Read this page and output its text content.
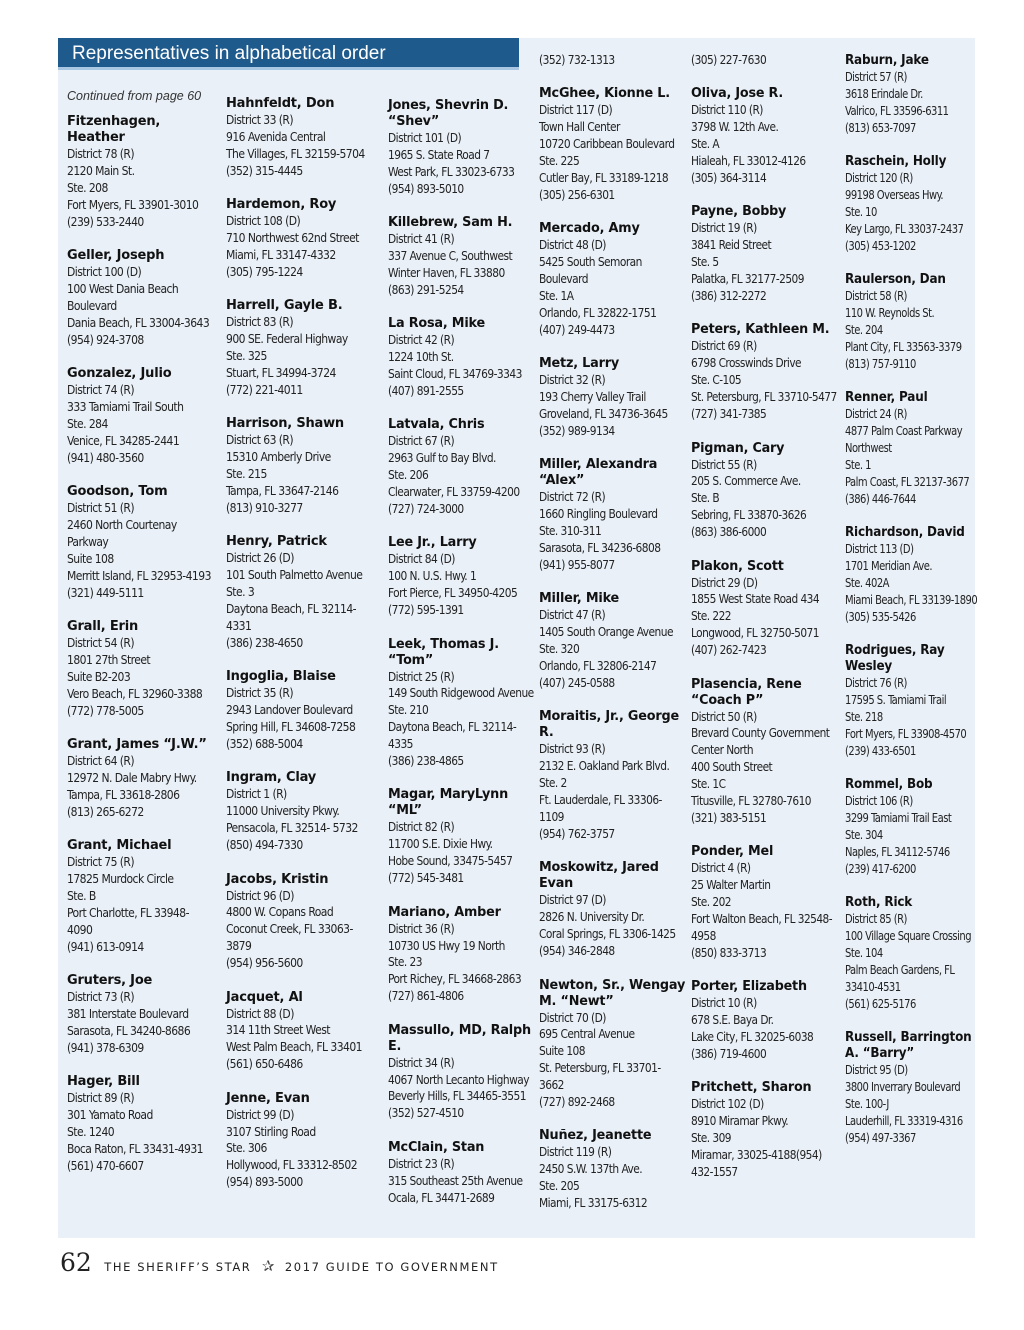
Representatives in alphabetical order
Continued from page 60
Fitzenhagen,
Heather
District 78 (R)
2120 Main St.
Ste. 208
Fort Myers, FL 33901-3010
(239) 533-2440
Geller, Joseph
District 100 (D)
100 West Dania Beach
Boulevard
Dania Beach, FL 33004-3643
(954) 924-3708
Gonzalez, Julio
District 74 (R)
333 Tamiami Trail South
Ste. 284
Venice, FL 34285-2441
(941) 480-3560
Goodson, Tom
District 51 (R)
2460 North Courtenay
Parkway
Suite 108
Merritt Island, FL 32953-4193
(321) 449-5111
Grall, Erin
District 54 (R)
1801 27th Street
Suite B2-203
Vero Beach, FL 32960-3388
(772) 778-5005
Grant, James “J.W.”
District 64 (R)
12972 N. Dale Mabry Hwy.
Tampa, FL 33618-2806
(813) 265-6272
Grant, Michael
District 75 (R)
17825 Murdock Circle
Ste. B
Port Charlotte, FL 33948-
4090
(941) 613-0914
Gruters, Joe
District 73 (R)
381 Interstate Boulevard
Sarasota, FL 34240-8686
(941) 378-6309
Hager, Bill
District 89 (R)
301 Yamato Road
Ste. 1240
Boca Raton, FL 33431-4931
(561) 470-6607
Hahnfeldt, Don
District 33 (R)
916 Avenida Central
The Villages, FL 32159-5704
(352) 315-4445
Hardemon, Roy
District 108 (D)
710 Northwest 62nd Street
Miami, FL 33147-4332
(305) 795-1224
Harrell, Gayle B.
District 83 (R)
900 SE. Federal Highway
Ste. 325
Stuart, FL 34994-3724
(772) 221-4011
Harrison, Shawn
District 63 (R)
15310 Amberly Drive
Ste. 215
Tampa, FL 33647-2146
(813) 910-3277
Henry, Patrick
District 26 (D)
101 South Palmetto Avenue
Ste. 3
Daytona Beach, FL 32114-
4331
(386) 238-4650
Ingoglia, Blaise
District 35 (R)
2943 Landover Boulevard
Spring Hill, FL 34608-7258
(352) 688-5004
Ingram, Clay
District 1 (R)
11000 University Pkwy.
Pensacola, FL 32514- 5732
(850) 494-7330
Jacobs, Kristin
District 96 (D)
4800 W. Copans Road
Coconut Creek, FL 33063-
3879
(954) 956-5600
Jacquet, Al
District 88 (D)
314 11th Street West
West Palm Beach, FL 33401
(561) 650-6486
Jenne, Evan
District 99 (D)
3107 Stirling Road
Ste. 306
Hollywood, FL 33312-8502
(954) 893-5000
Jones, Shevrin D.
“Shev”
District 101 (D)
1965 S. State Road 7
West Park, FL 33023-6733
(954) 893-5010
Killebrew, Sam H.
District 41 (R)
337 Avenue C, Southwest
Winter Haven, FL 33880
(863) 291-5254
La Rosa, Mike
District 42 (R)
1224 10th St.
Saint Cloud, FL 34769-3343
(407) 891-2555
Latvala, Chris
District 67 (R)
2963 Gulf to Bay Blvd.
Ste. 206
Clearwater, FL 33759-4200
(727) 724-3000
Lee Jr., Larry
District 84 (D)
100 N. U.S. Hwy. 1
Fort Pierce, FL 34950-4205
(772) 595-1391
Leek, Thomas J.
“Tom”
District 25 (R)
149 South Ridgewood Avenue
Ste. 210
Daytona Beach, FL 32114-
4335
(386) 238-4865
Magar, MaryLynn
“ML”
District 82 (R)
11700 S.E. Dixie Hwy.
Hobe Sound, 33475-5457
(772) 545-3481
Mariano, Amber
District 36 (R)
10730 US Hwy 19 North
Ste. 23
Port Richey, FL 34668-2863
(727) 861-4806
Massullo, MD, Ralph
E.
District 34 (R)
4067 North Lecanto Highway
Beverly Hills, FL 34465-3551
(352) 527-4510
McClain, Stan
District 23 (R)
315 Southeast 25th Avenue
Ocala, FL 34471-2689
(352) 732-1313
McGhee, Kionne L.
District 117 (D)
Town Hall Center
10720 Caribbean Boulevard
Ste. 225
Cutler Bay, FL 33189-1218
(305) 256-6301
Mercado, Amy
District 48 (D)
5425 South Semoran
Boulevard
Ste. 1A
Orlando, FL 32822-1751
(407) 249-4473
Metz, Larry
District 32 (R)
193 Cherry Valley Trail
Groveland, FL 34736-3645
(352) 989-9134
Miller, Alexandra
“Alex”
District 72 (R)
1660 Ringling Boulevard
Ste. 310-311
Sarasota, FL 34236-6808
(941) 955-8077
Miller, Mike
District 47 (R)
1405 South Orange Avenue
Ste. 320
Orlando, FL 32806-2147
(407) 245-0588
Moraitis, Jr., George
R.
District 93 (R)
2132 E. Oakland Park Blvd.
Ste. 2
Ft. Lauderdale, FL 33306-
1109
(954) 762-3757
Moskowitz, Jared
Evan
District 97 (D)
2826 N. University Dr.
Coral Springs, FL 3306-1425
(954) 346-2848
Newton, Sr., Wengay
M. “Newt”
District 70 (D)
695 Central Avenue
Suite 108
St. Petersburg, FL 33701-
3662
(727) 892-2468
Nuñez, Jeanette
District 119 (R)
2450 S.W. 137th Ave.
Ste. 205
Miami, FL 33175-6312
(305) 227-7630
Oliva, Jose R.
District 110 (R)
3798 W. 12th Ave.
Ste. A
Hialeah, FL 33012-4126
(305) 364-3114
Payne, Bobby
District 19 (R)
3841 Reid Street
Ste. 5
Palatka, FL 32177-2509
(386) 312-2272
Peters, Kathleen M.
District 69 (R)
6798 Crosswinds Drive
Ste. C-105
St. Petersburg, FL 33710-5477
(727) 341-7385
Pigman, Cary
District 55 (R)
205 S. Commerce Ave.
Ste. B
Sebring, FL 33870-3626
(863) 386-6000
Plakon, Scott
District 29 (D)
1855 West State Road 434
Ste. 222
Longwood, FL 32750-5071
(407) 262-7423
Plasencia, Rene
“Coach P”
District 50 (R)
Brevard County Government
Center North
400 South Street
Ste. 1C
Titusville, FL 32780-7610
(321) 383-5151
Ponder, Mel
District 4 (R)
25 Walter Martin
Ste. 202
Fort Walton Beach, FL 32548-
4958
(850) 833-3713
Porter, Elizabeth
District 10 (R)
678 S.E. Baya Dr.
Lake City, FL 32025-6038
(386) 719-4600
Pritchett, Sharon
District 102 (D)
8910 Miramar Pkwy.
Ste. 309
Miramar, 33025-4188(954)
432-1557
Raburn, Jake
District 57 (R)
3618 Erindale Dr.
Valrico, FL 33596-6311
(813) 653-7097
Raschein, Holly
District 120 (R)
99198 Overseas Hwy.
Ste. 10
Key Largo, FL 33037-2437
(305) 453-1202
Raulerson, Dan
District 58 (R)
110 W. Reynolds St.
Ste. 204
Plant City, FL 33563-3379
(813) 757-9110
Renner, Paul
District 24 (R)
4877 Palm Coast Parkway
Northwest
Ste. 1
Palm Coast, FL 32137-3677
(386) 446-7644
Richardson, David
District 113 (D)
1701 Meridian Ave.
Ste. 402A
Miami Beach, FL 33139-1890
(305) 535-5426
Rodrigues, Ray
Wesley
District 76 (R)
17595 S. Tamiami Trail
Ste. 218
Fort Myers, FL 33908-4570
(239) 433-6501
Rommel, Bob
District 106 (R)
3299 Tamiami Trail East
Ste. 304
Naples, FL 34112-5746
(239) 417-6200
Roth, Rick
District 85 (R)
100 Village Square Crossing
Ste. 104
Palm Beach Gardens, FL
33410-4531
(561) 625-5176
Russell, Barrington
A. “Barry”
District 95 (D)
3800 Inverrary Boulevard
Ste. 100-J
Lauderhill, FL 33319-4316
(954) 497-3367
62 THE SHERIFF’S STAR ✰ 2017 GUIDE TO GOVERNMENT
